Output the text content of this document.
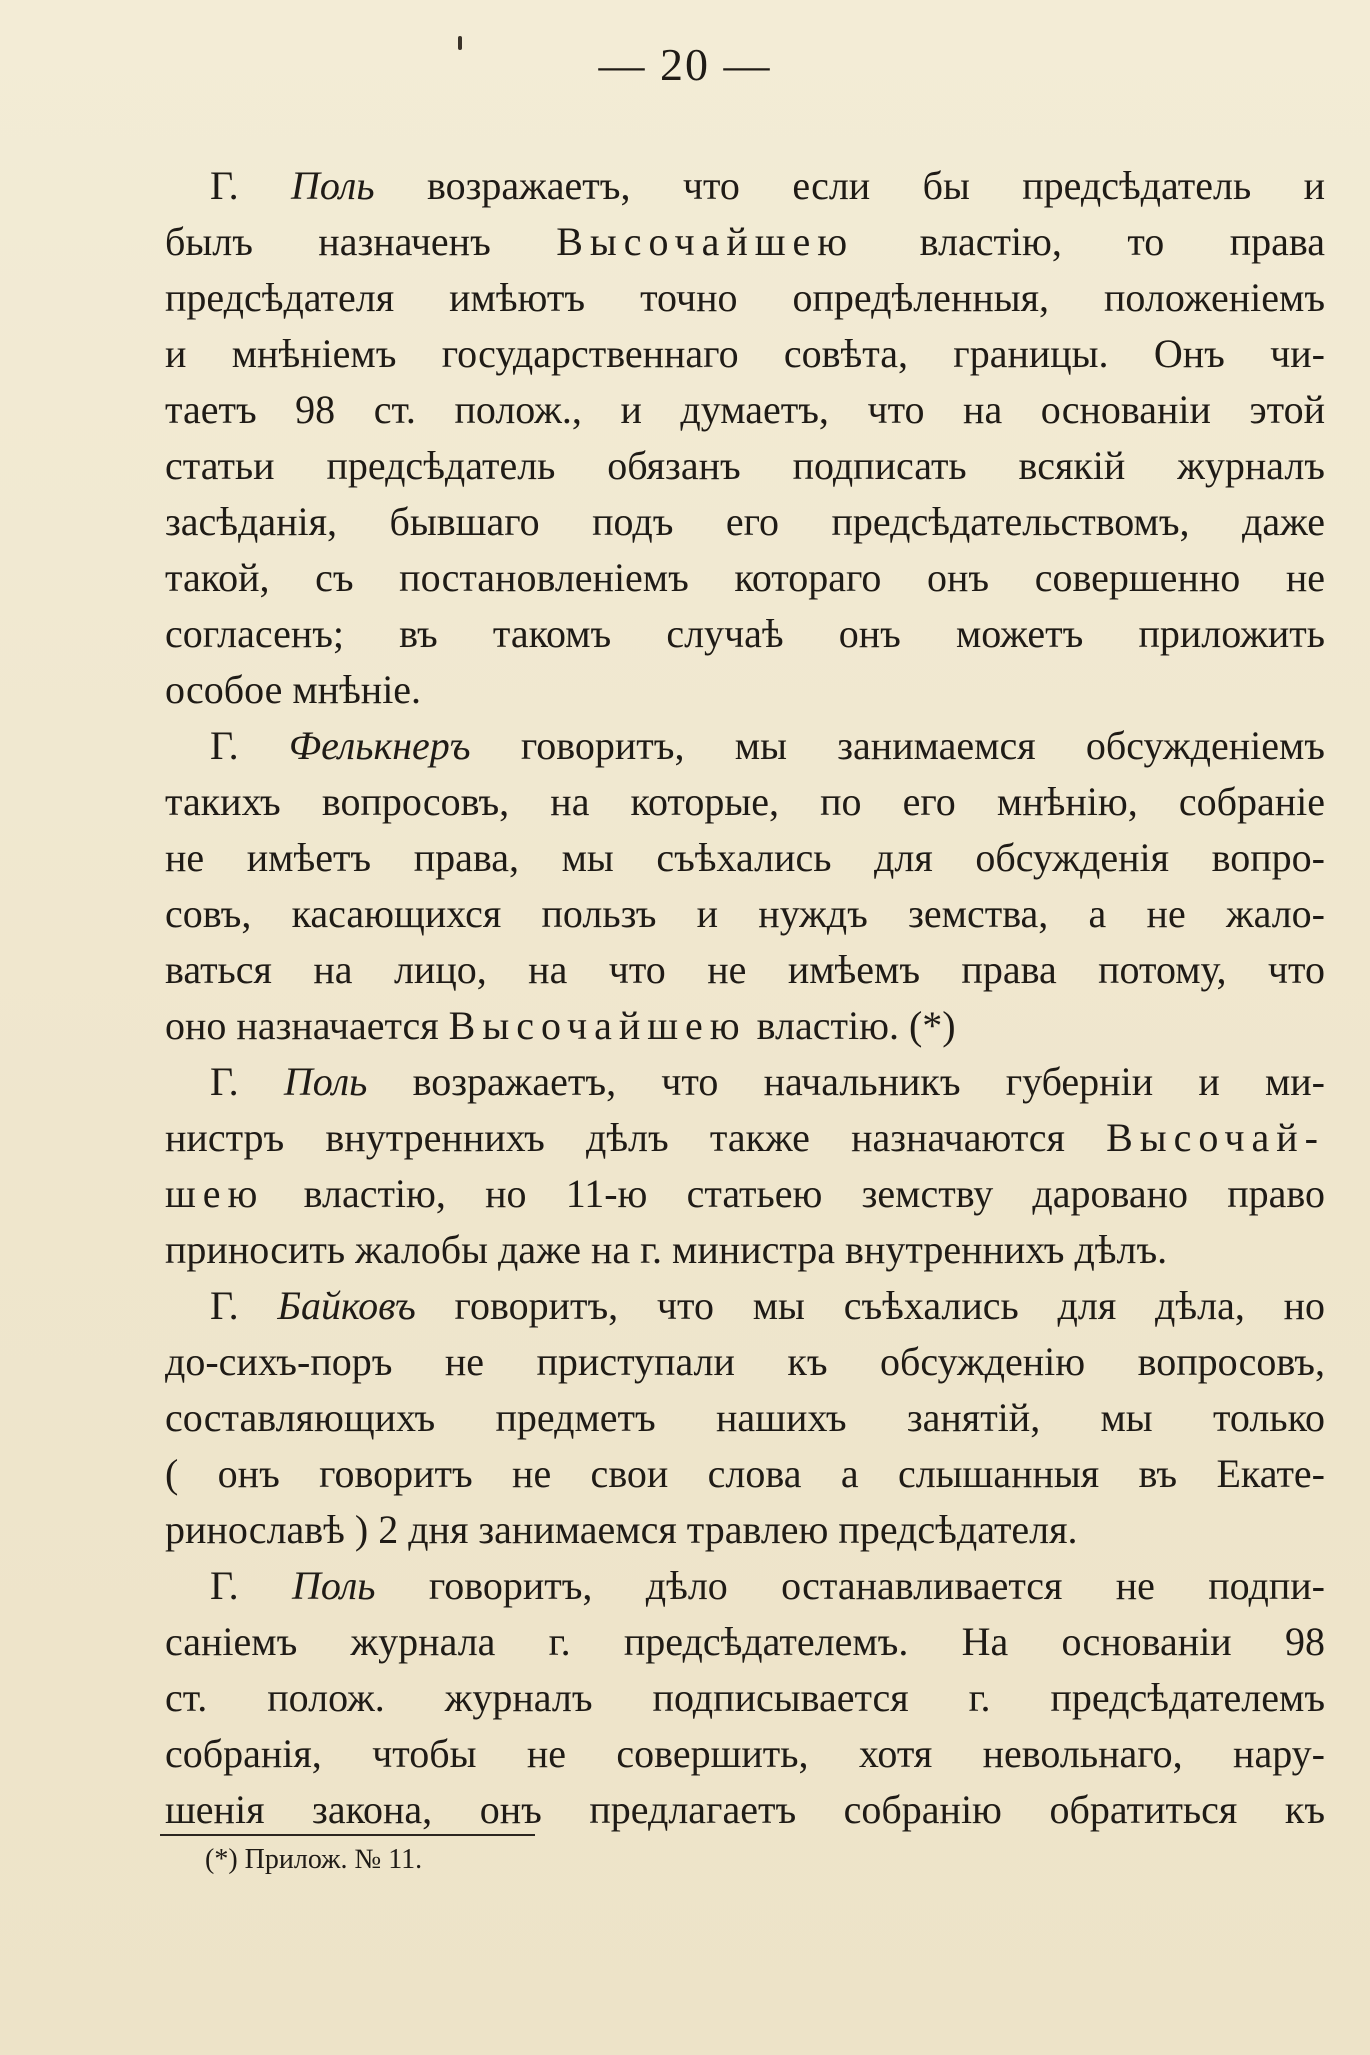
— 20 —
Г. Поль возражаетъ, что если бы предсѣдатель и
былъ назначенъ Высочайшею властію, то права
предсѣдателя имѣютъ точно опредѣленныя, положеніемъ
и мнѣніемъ государственнаго совѣта, границы. Онъ чи-
таетъ 98 ст. полож., и думаетъ, что на основаніи этой
статьи предсѣдатель обязанъ подписать всякій журналъ
засѣданія, бывшаго подъ его предсѣдательствомъ, даже
такой, съ постановленіемъ котораго онъ совершенно не
согласенъ; въ такомъ случаѣ онъ можетъ приложить
особое мнѣніе.
Г. Фелькнеръ говоритъ, мы занимаемся обсужденіемъ
такихъ вопросовъ, на которые, по его мнѣнію, собраніе
не имѣетъ права, мы съѣхались для обсужденія вопро-
совъ, касающихся пользъ и нуждъ земства, а не жало-
ваться на лицо, на что не имѣемъ права потому, что
оно назначается Высочайшею властію. (*)
Г. Поль возражаетъ, что начальникъ губерніи и ми-
нистръ внутреннихъ дѣлъ также назначаются Высочай-
шею властію, но 11-ю статьею земству даровано право
приносить жалобы даже на г. министра внутреннихъ дѣлъ.
Г. Байковъ говоритъ, что мы съѣхались для дѣла, но
до-сихъ-поръ не приступали къ обсужденію вопросовъ,
составляющихъ предметъ нашихъ занятій, мы только
( онъ говоритъ не свои слова а слышанныя въ Екате-
ринославѣ ) 2 дня занимаемся травлею предсѣдателя.
Г. Поль говоритъ, дѣло останавливается не подпи-
саніемъ журнала г. предсѣдателемъ. На основаніи 98
ст. полож. журналъ подписывается г. предсѣдателемъ
собранія, чтобы не совершить, хотя невольнаго, нару-
шенія закона, онъ предлагаетъ собранію обратиться къ
(*) Прилож. № 11.
